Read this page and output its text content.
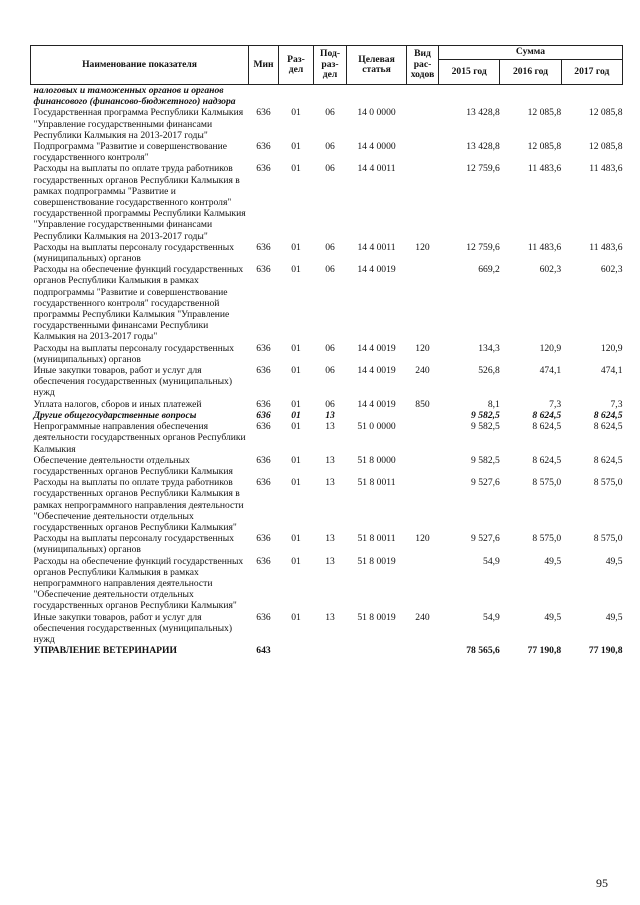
Наименование показателя	Мин	Раз-дел	Под-раз-дел	Целевая статья	Вид рас-ходов	Сумма		
						2015 год	2016 год	2017 год
налоговых и таможенных органов и органов финансового (финансово-бюджетного) надзора								
Государственная программа Республики Калмыкия "Управление государственными финансами Республики Калмыкия на 2013-2017 годы"	636	01	06	14 0 0000		13 428,8	12 085,8	12 085,8
Подпрограмма "Развитие и совершенствование государственного контроля"	636	01	06	14 4 0000		13 428,8	12 085,8	12 085,8
Расходы на выплаты по оплате труда работников государственных органов Республики Калмыкия в рамках подпрограммы "Развитие и совершенствование государственного контроля" государственной программы Республики Калмыкия "Управление государственными финансами Республики Калмыкия на 2013-2017 годы"	636	01	06	14 4 0011		12 759,6	11 483,6	11 483,6
Расходы на выплаты персоналу государственных (муниципальных) органов	636	01	06	14 4 0011	120	12 759,6	11 483,6	11 483,6
Расходы на обеспечение функций государственных органов Республики Калмыкия в рамках подпрограммы "Развитие и совершенствование государственного контроля" государственной программы Республики Калмыкия "Управление государственными финансами Республики Калмыкия на 2013-2017 годы"	636	01	06	14 4 0019		669,2	602,3	602,3
Расходы на выплаты персоналу государственных (муниципальных) органов	636	01	06	14 4 0019	120	134,3	120,9	120,9
Иные закупки товаров, работ и услуг для обеспечения государственных (муниципальных) нужд	636	01	06	14 4 0019	240	526,8	474,1	474,1
Уплата налогов, сборов и иных платежей	636	01	06	14 4 0019	850	8,1	7,3	7,3
Другие общегосударственные вопросы	636	01	13			9 582,5	8 624,5	8 624,5
Непрограммные направления обеспечения деятельности государственных органов Республики Калмыкия	636	01	13	51 0 0000		9 582,5	8 624,5	8 624,5
Обеспечение деятельности отдельных государственных органов Республики Калмыкия	636	01	13	51 8 0000		9 582,5	8 624,5	8 624,5
Расходы на выплаты по оплате труда работников государственных органов Республики Калмыкия в рамках непрограммного направления деятельности "Обеспечение деятельности отдельных государственных органов Республики Калмыкия"	636	01	13	51 8 0011		9 527,6	8 575,0	8 575,0
Расходы на выплаты персоналу государственных (муниципальных) органов	636	01	13	51 8 0011	120	9 527,6	8 575,0	8 575,0
Расходы на обеспечение функций государственных органов Республики Калмыкия в рамках непрограммного направления деятельности "Обеспечение деятельности отдельных государственных органов Республики Калмыкия"	636	01	13	51 8 0019		54,9	49,5	49,5
Иные закупки товаров, работ и услуг для обеспечения государственных (муниципальных) нужд	636	01	13	51 8 0019	240	54,9	49,5	49,5
УПРАВЛЕНИЕ ВЕТЕРИНАРИИ	643					78 565,6	77 190,8	77 190,8
95
